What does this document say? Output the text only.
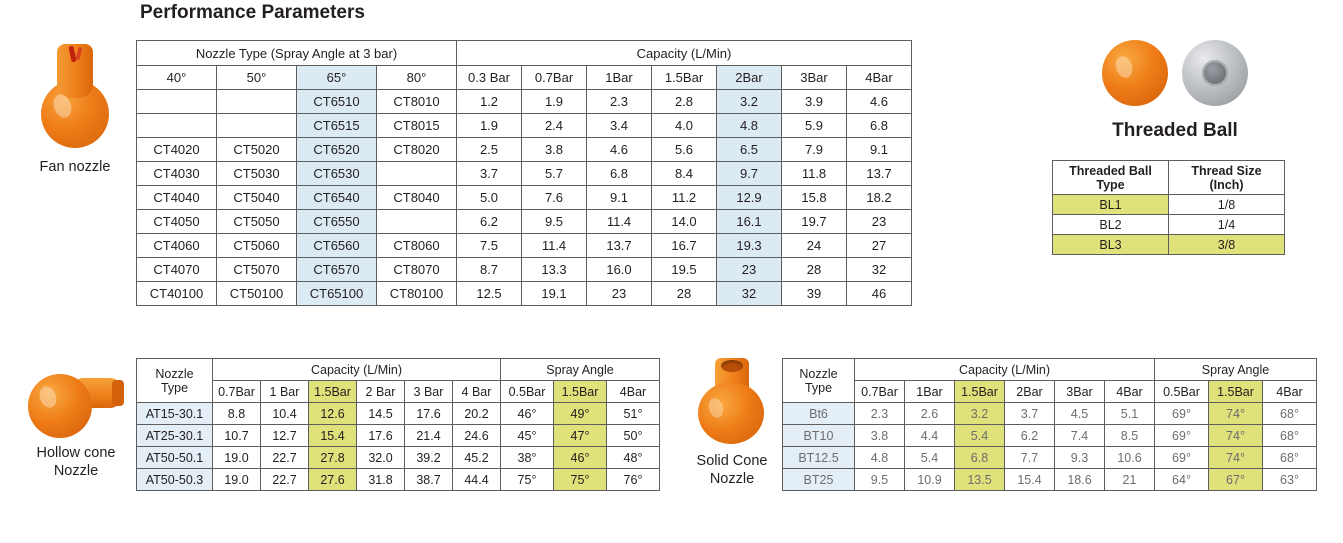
Performance Parameters
Fan nozzle
Nozzle Type (Spray Angle at 3 bar)				Capacity (L/Min)						
40°	50°	65°	80°	0.3 Bar	0.7Bar	1Bar	1.5Bar	2Bar	3Bar	4Bar
		CT6510	CT8010	1.2	1.9	2.3	2.8	3.2	3.9	4.6
		CT6515	CT8015	1.9	2.4	3.4	4.0	4.8	5.9	6.8
CT4020	CT5020	CT6520	CT8020	2.5	3.8	4.6	5.6	6.5	7.9	9.1
CT4030	CT5030	CT6530		3.7	5.7	6.8	8.4	9.7	11.8	13.7
CT4040	CT5040	CT6540	CT8040	5.0	7.6	9.1	11.2	12.9	15.8	18.2
CT4050	CT5050	CT6550		6.2	9.5	11.4	14.0	16.1	19.7	23
CT4060	CT5060	CT6560	CT8060	7.5	11.4	13.7	16.7	19.3	24	27
CT4070	CT5070	CT6570	CT8070	8.7	13.3	16.0	19.5	23	28	32
CT40100	CT50100	CT65100	CT80100	12.5	19.1	23	28	32	39	46
Threaded Ball
Threaded Ball
Type

Thread Size
(Inch)

BL1	1/8
BL2	1/4
BL3	3/8
Hollow cone
Nozzle
Nozzle
Type	Capacity (L/Min)						Spray Angle		
	0.7Bar	1 Bar	1.5Bar	2 Bar	3 Bar	4 Bar	0.5Bar	1.5Bar	4Bar
AT15-30.1	8.8	10.4	12.6	14.5	17.6	20.2	46°	49°	51°
AT25-30.1	10.7	12.7	15.4	17.6	21.4	24.6	45°	47°	50°
AT50-50.1	19.0	22.7	27.8	32.0	39.2	45.2	38°	46°	48°
AT50-50.3	19.0	22.7	27.6	31.8	38.7	44.4	75°	75°	76°
Solid Cone
Nozzle
Nozzle
Type	Capacity (L/Min)						Spray Angle		
	0.7Bar	1Bar	1.5Bar	2Bar	3Bar	4Bar	0.5Bar	1.5Bar	4Bar
Bt6	2.3	2.6	3.2	3.7	4.5	5.1	69°	74°	68°
BT10	3.8	4.4	5.4	6.2	7.4	8.5	69°	74°	68°
BT12.5	4.8	5.4	6.8	7.7	9.3	10.6	69°	74°	68°
BT25	9.5	10.9	13.5	15.4	18.6	21	64°	67°	63°
